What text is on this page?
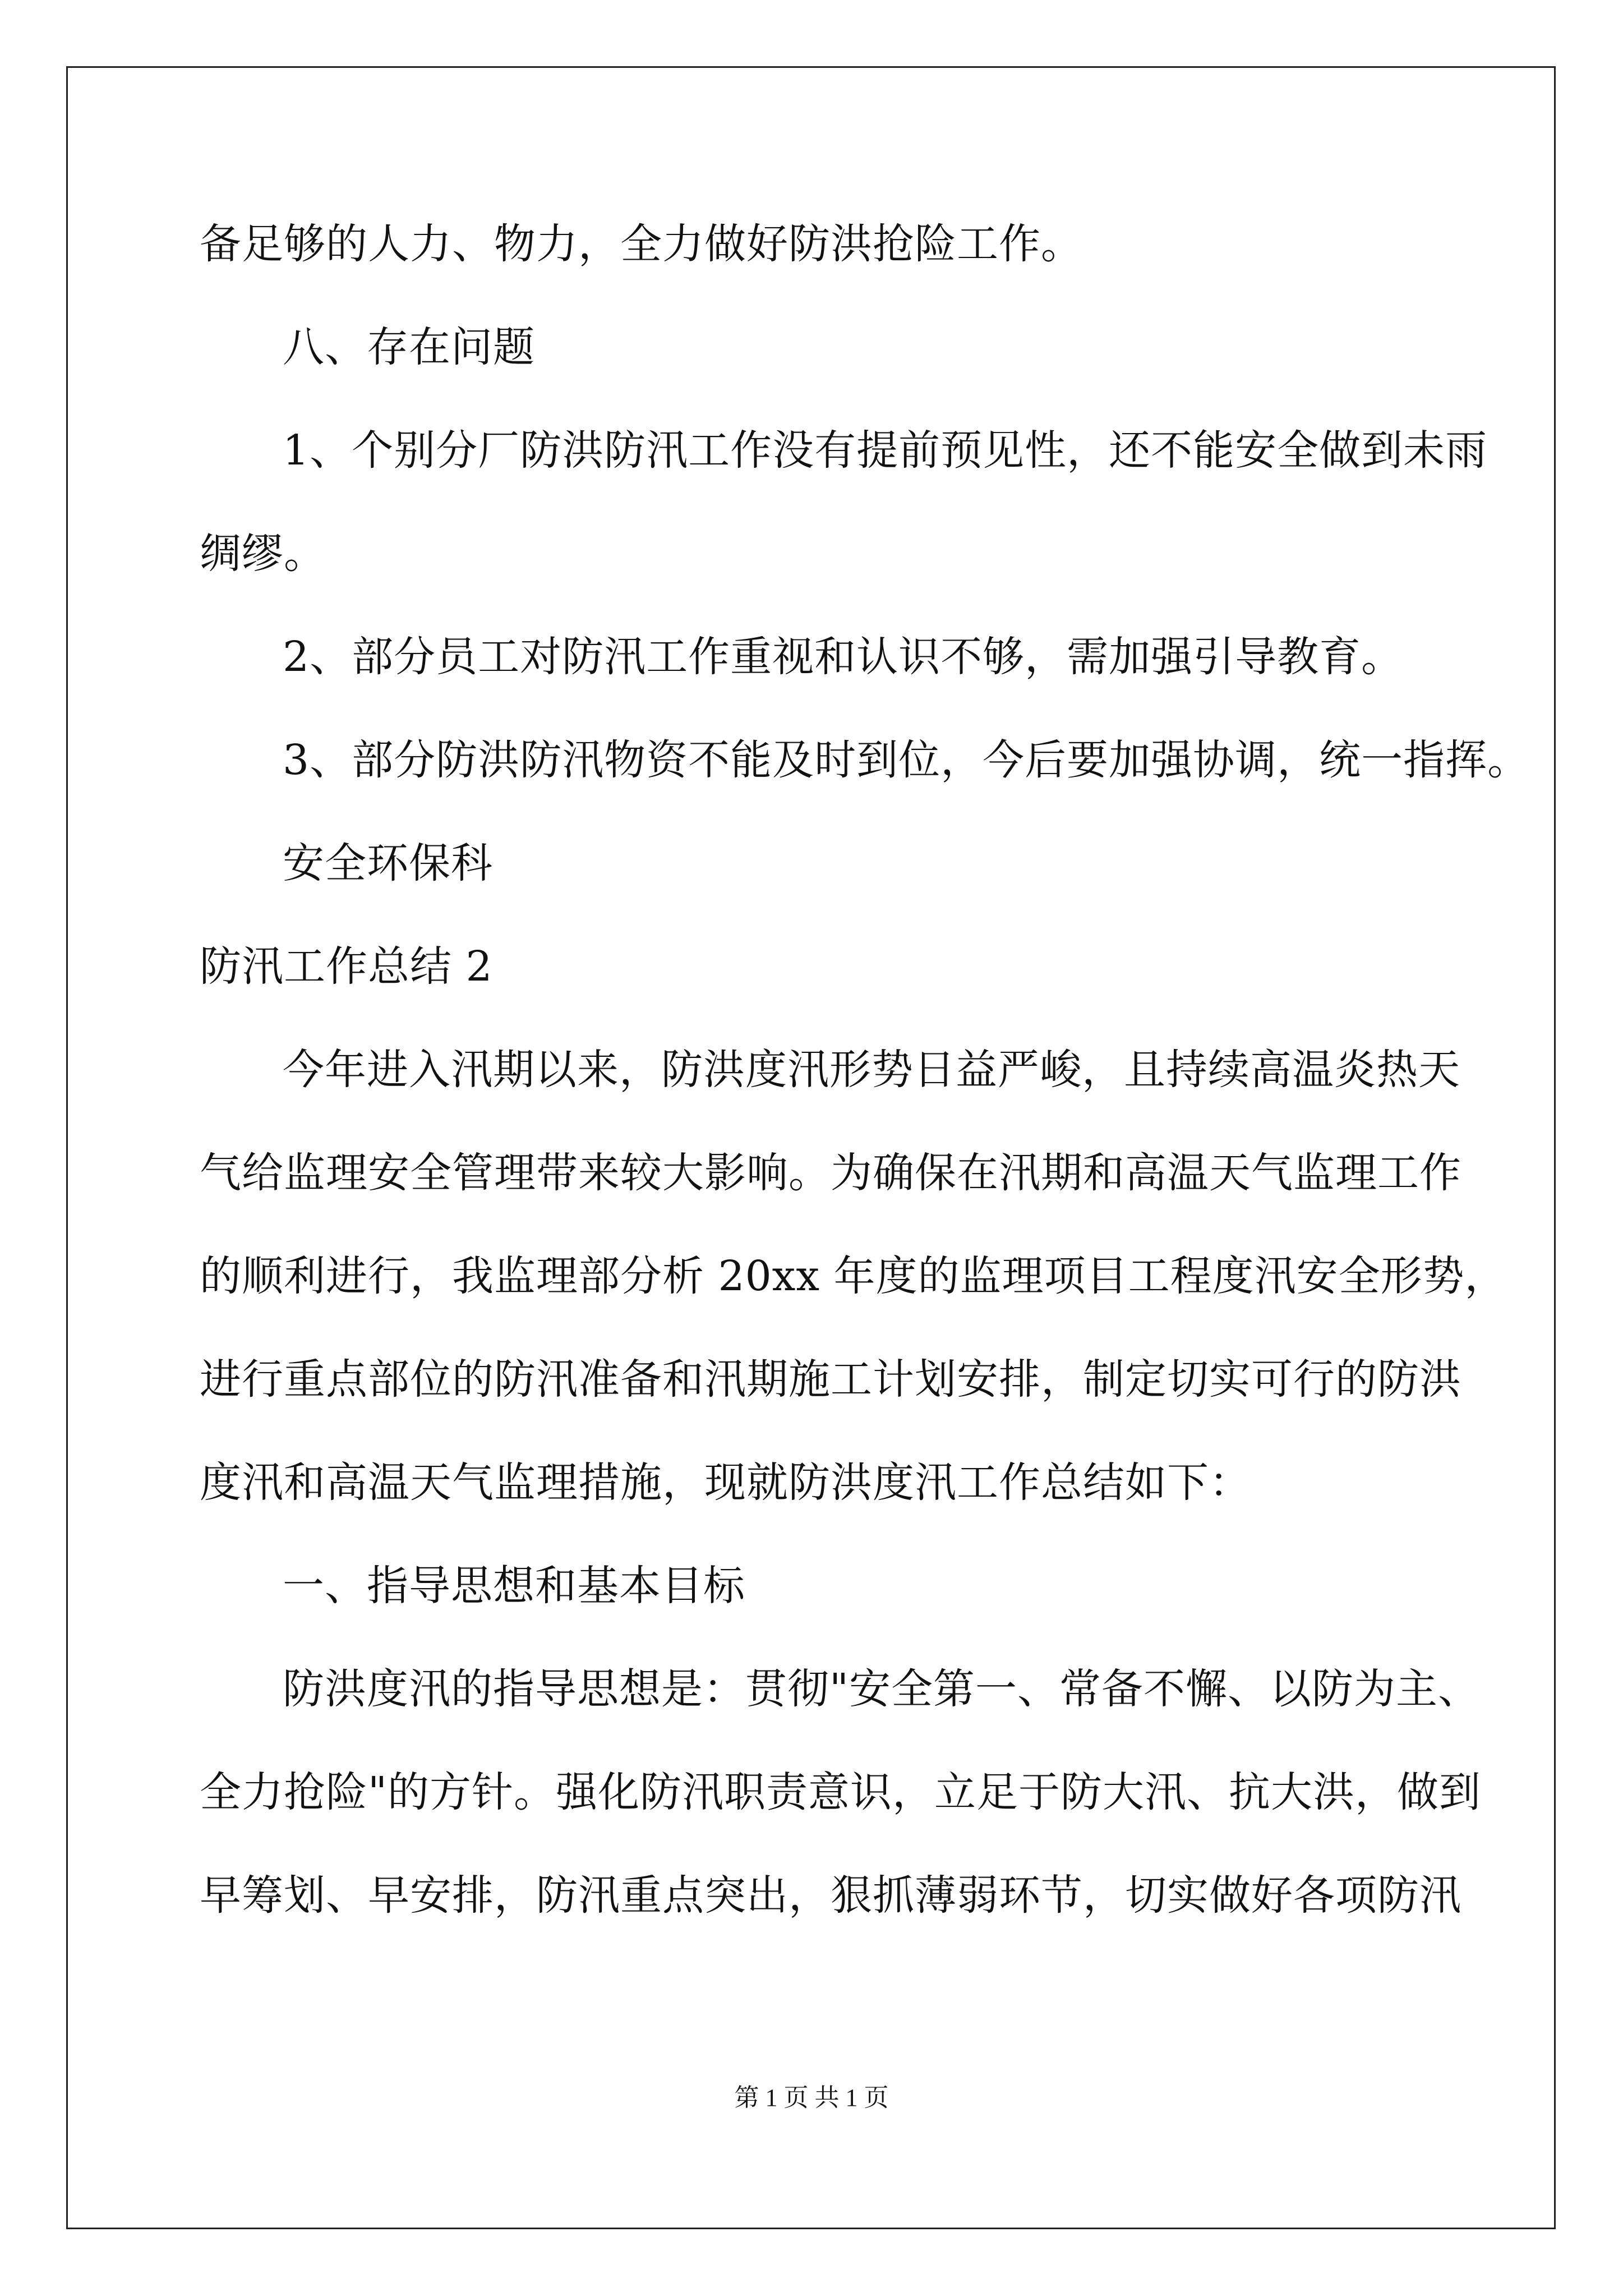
备足够的人力、物力，全力做好防洪抢险工作。
八、存在问题
1、个别分厂防洪防汛工作没有提前预见性，还不能安全做到未雨
绸缪。
2、部分员工对防汛工作重视和认识不够，需加强引导教育。
3、部分防洪防汛物资不能及时到位，今后要加强协调，统一指挥。
安全环保科
防汛工作总结 2
今年进入汛期以来，防洪度汛形势日益严峻，且持续高温炎热天
气给监理安全管理带来较大影响。为确保在汛期和高温天气监理工作
的顺利进行，我监理部分析 20xx 年度的监理项目工程度汛安全形势，
进行重点部位的防汛准备和汛期施工计划安排，制定切实可行的防洪
度汛和高温天气监理措施，现就防洪度汛工作总结如下：
一、指导思想和基本目标
防洪度汛的指导思想是：贯彻"安全第一、常备不懈、以防为主、
全力抢险"的方针。强化防汛职责意识，立足于防大汛、抗大洪，做到
早筹划、早安排，防汛重点突出，狠抓薄弱环节，切实做好各项防汛
第 1 页 共 1 页
